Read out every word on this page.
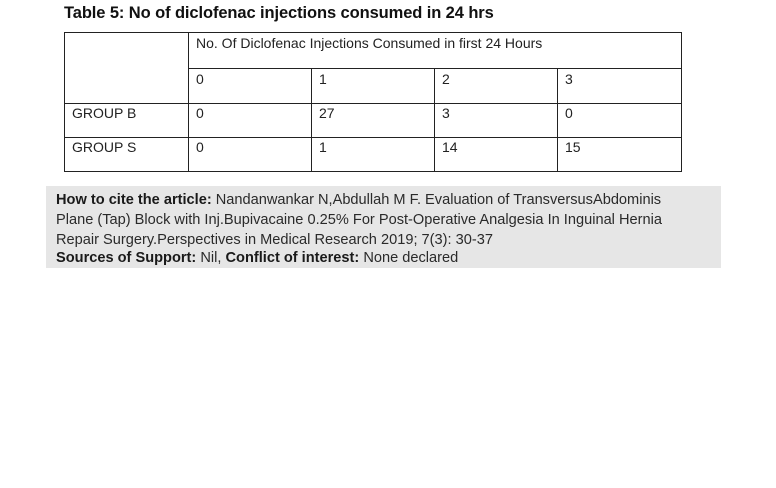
Table 5: No of diclofenac injections consumed in 24 hrs
	No. Of Diclofenac Injections Consumed in first 24 Hours			
	0	1	2	3
GROUP B	0	27	3	0
GROUP S	0	1	14	15
How to cite the article: Nandanwankar N,Abdullah M F. Evaluation of TransversusAbdominis
Plane (Tap) Block with Inj.Bupivacaine 0.25% For Post-Operative Analgesia In Inguinal Hernia
Repair Surgery.Perspectives in Medical Research 2019; 7(3): 30-37
Sources of Support: Nil, Conflict of interest: None declared
